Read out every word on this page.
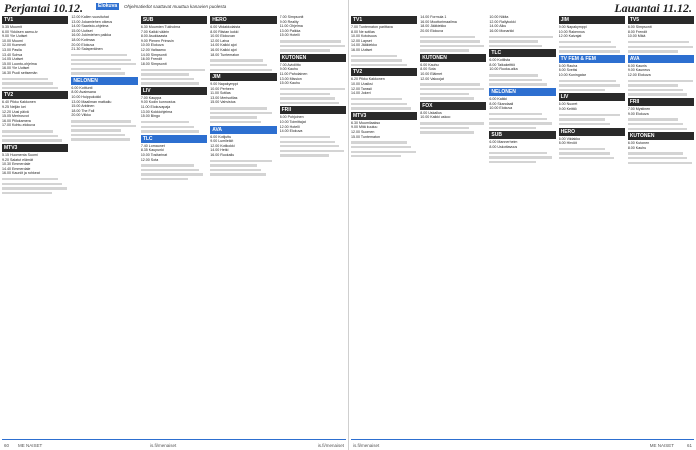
Perjantai 10.12.	Elokuva	Ohjelmatiedot saattavat muuttua kanavien puolesta
TV1
5.35 Muumit
6.00 Ykkösen aamu-tv
9.00 Yle Uutiset
10.00 Muumi
12.00 Kummeli
13.00 Pasila
13.40 Sohva
14.05 Uutiset
15.00 Luonto-ohjelma
16.00 Yle Uutiset
16.30 Puoli seitsemän
TV2
6.40 Pikku Kakkonen
9.25 Neljän kei
12.20 Uusi päivä
15.05 Merirosvot
16.00 Piilokamera
17.00 Kohtu-elokuva
MTV3
5.15 Huomenta Suomi
9.20 Salatut elämät
10.30 Emmerdale
14.40 Emmerdale
16.00 Kauniit ja rohkeat
12.00 Kallen vuosituhat
13.00 Jokamiehen oikeus
14.00 Saaristo-ohjelma
15.00 Uutiset
16.00 Jokimiehen paikka
18.00 Kotimaa
20.00 Elokuva
21.30 Salaperäinen
NELONEN
6.00 Kotitunti
8.00 Avainsana
10.00 Huippukokki
13.00 Maailman matkailu
15.00 Arktinen
18.00 The Fall
20.00 Viikko
SUB
6.30 Muumien Tukholma
7.00 Kaikki väärin
8.00 Asukkaasta
9.00 Pienen Prinssin
10.00 Elokuva
12.00 Valtaamo
14.00 Simpsonit
16.00 Frendit
18.00 Simpsonit
LIV
7.00 Kauppa
9.00 Kodin kunnostus
11.00 Elokuvapaja
13.00 Kokkiohjelma
15.00 Bingo
TLC
7.40 Lomaunet
8.35 Kaupunki
10.00 Tositarinat
12.00 Sota
HERO
6.00 Viidakkolaista
8.00 Riistan kokki
10.00 Elokuvan
12.00 Latva
14.00 Kaikki ajot
16.00 Kaikki ajot
18.00 Tuntematon
JIM
9.00 Napakymppi
10.00 Perheen
11.00 Sotilas
13.00 Merisotilas
15.00 Vahvistus
AVA
6.00 Kotijuttu
9.00 Lumileikit
12.00 Kotikokki
14.00 Hetki
16.00 Ruokailu
7.00 Simpsonit
9.00 Reality
11.00 Ohjelma
13.00 Paikka
15.00 Hotelli
KUTONEN
7.00 Avioliitto
9.00 Kauhu
11.00 Paholainen
13.00 Mission
15.00 Kauhu
FRII
8.00 Pohjoinen
10.00 Toimittajat
12.00 Hotelli
14.00 Elokuva
60 ME NAISET	is.fi/menaiset	is.fi/menaiset
Lauantai 11.12.
TV1
7.00 Tuntematon parittava
8.00 Ne sotilas
10.00 Kotoisuus
12.00 Lapset
14.00 Jääkiekko
16.00 Uutiset
TV2
6.20 Pikku Kakkonen
10.00 Uusiksi
12.00 Tanssii
14.00 Jokeri
MTV3
6.30 Muumilaakso
9.00 Mitä kuuluu
12.00 Suomen
15.00 Tuntematon
14.00 Formula 1
16.00 Moottorimaailma
18.00 Jääkiekko
20.00 Elokuva
KUTONEN
6.00 Kauhu
8.00 Sota
10.00 Eläimet
12.00 Vakoojat
FOX
8.00 Uskallus
10.00 Kaikki uskoo
10.00 Nikita
12.00 Rallykokki
14.00 Alku
16.00 Monarkki
TLC
6.00 Kotilista
8.00 Taikakeittiö
10.00 Ruoka-aika
NELONEN
6.00 Kaikki
8.00 Skandaali
10.00 Elokuva
SUB
6.00 Mannerheim
8.00 Uskottavuus
JIM
9.00 Napakymppi
10.00 Rakennus
12.00 Kaivajat
TV FEM & FEM
6.00 Rauha
8.00 Sveitsi
10.00 Kuningatar
LIV
6.00 Nuoret
9.00 Keittiö
HERO
6.00 Viidakko
8.00 Hirviöt
TV5
6.00 Simpsonit
8.00 Frendit
10.00 Mikä
AVA
6.00 Kaunis
9.00 Kauneus
12.00 Elokuva
FRII
7.00 Mystinen
9.00 Elokuva
KUTONEN
6.00 Kutonen
8.00 Kauhu
is.fi/menaiset	ME NAISET	61
